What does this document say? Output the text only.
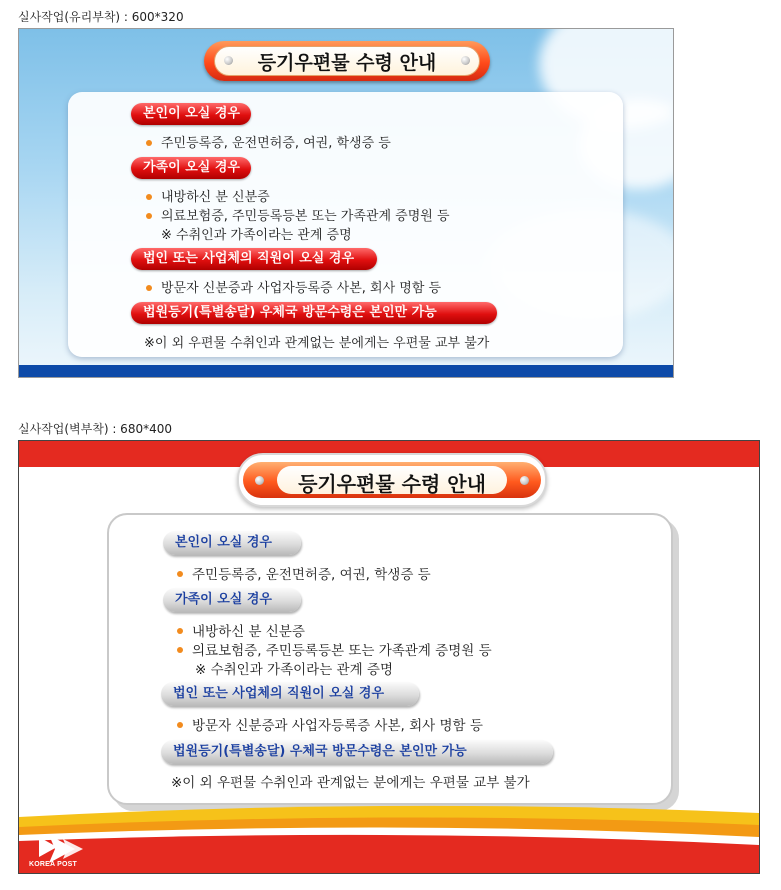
실사작업(유리부착) : 600*320
실사작업(벽부착) : 680*400
등기우편물 수령 안내
본인이 오실 경우
주민등록증, 운전면허증, 여권, 학생증 등
가족이 오실 경우
내방하신 분 신분증
의료보험증, 주민등록등본 또는 가족관계 증명원 등
※ 수취인과 가족이라는 관계 증명
법인 또는 사업체의 직원이 오실 경우
방문자 신분증과 사업자등록증 사본, 회사 명함 등
법원등기(특별송달) 우체국 방문수령은 본인만 가능
※이 외 우편물 수취인과 관계없는 분에게는 우편물 교부 불가
등기우편물 수령 안내
본인이 오실 경우
주민등록증, 운전면허증, 여권, 학생증 등
가족이 오실 경우
내방하신 분 신분증
의료보험증, 주민등록등본 또는 가족관계 증명원 등
※ 수취인과 가족이라는 관계 증명
법인 또는 사업체의 직원이 오실 경우
방문자 신분증과 사업자등록증 사본, 회사 명함 등
법원등기(특별송달) 우체국 방문수령은 본인만 가능
※이 외 우편물 수취인과 관계없는 분에게는 우편물 교부 불가
KOREA POST
